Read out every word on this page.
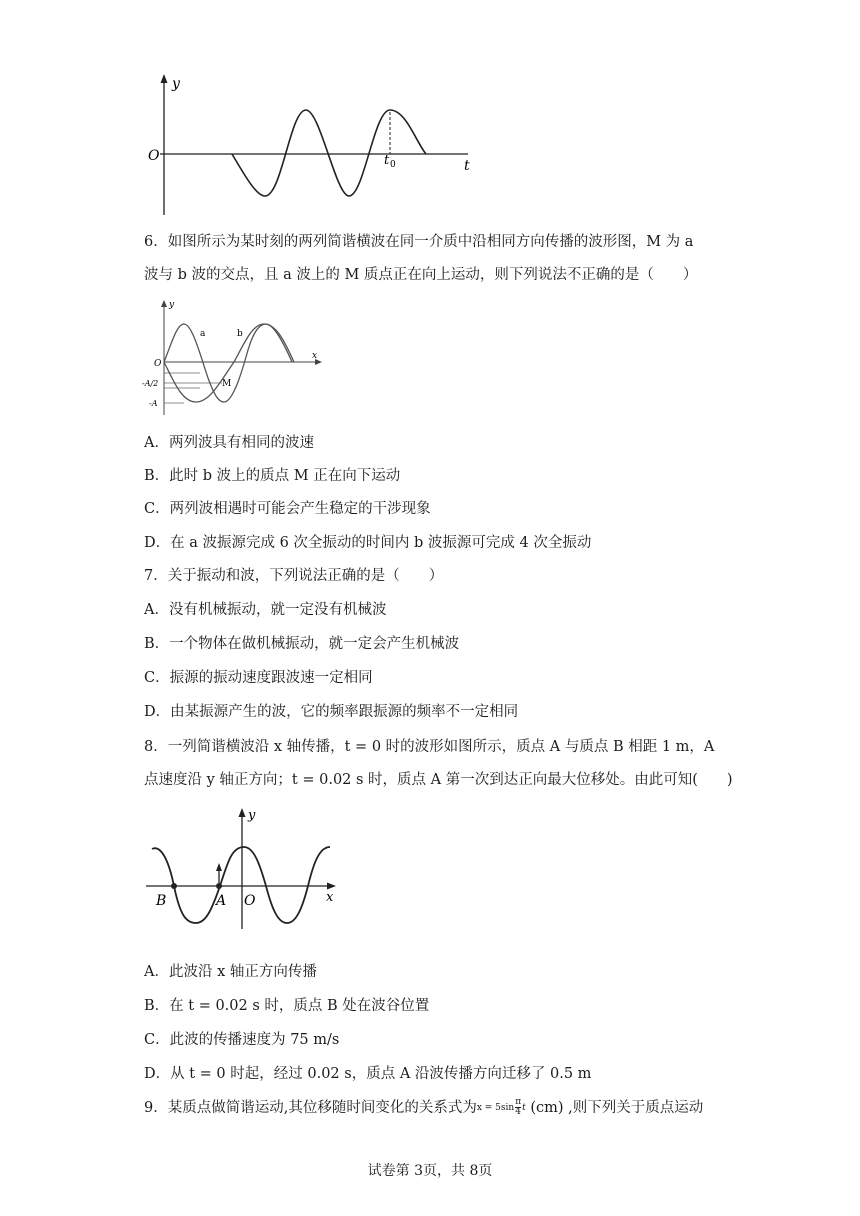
y
O
t
t 0
6．如图所示为某时刻的两列简谐横波在同一介质中沿相同方向传播的波形图，M 为 a
波与 b 波的交点，且 a 波上的 M 质点正在向上运动，则下列说法不正确的是（　　）
a	b
y
x
O
M
-A/2
-A
A．两列波具有相同的波速
B．此时 b 波上的质点 M 正在向下运动
C．两列波相遇时可能会产生稳定的干涉现象
D．在 a 波振源完成 6 次全振动的时间内 b 波振源可完成 4 次全振动
7．关于振动和波，下列说法正确的是（　　）
A．没有机械振动，就一定没有机械波
B．一个物体在做机械振动，就一定会产生机械波
C．振源的振动速度跟波速一定相同
D．由某振源产生的波，它的频率跟振源的频率不一定相同
8．一列简谐横波沿 x 轴传播，t = 0 时的波形如图所示，质点 A 与质点 B 相距 1 m，A
点速度沿 y 轴正方向；t = 0.02 s 时，质点 A 第一次到达正向最大位移处。由此可知(　　)
y
x
B	A O
A．此波沿 x 轴正方向传播
B．在 t = 0.02 s 时，质点 B 处在波谷位置
C．此波的传播速度为 75 m/s
D．从 t = 0 时起，经过 0.02 s，质点 A 沿波传播方向迁移了 0.5 m
9．某质点做简谐运动,其位移随时间变化的关系式为$x = 5\sin \frac{\pi}{4}$ t (cm) ,则下列关于质点运动
试卷第 3页，共 8页
